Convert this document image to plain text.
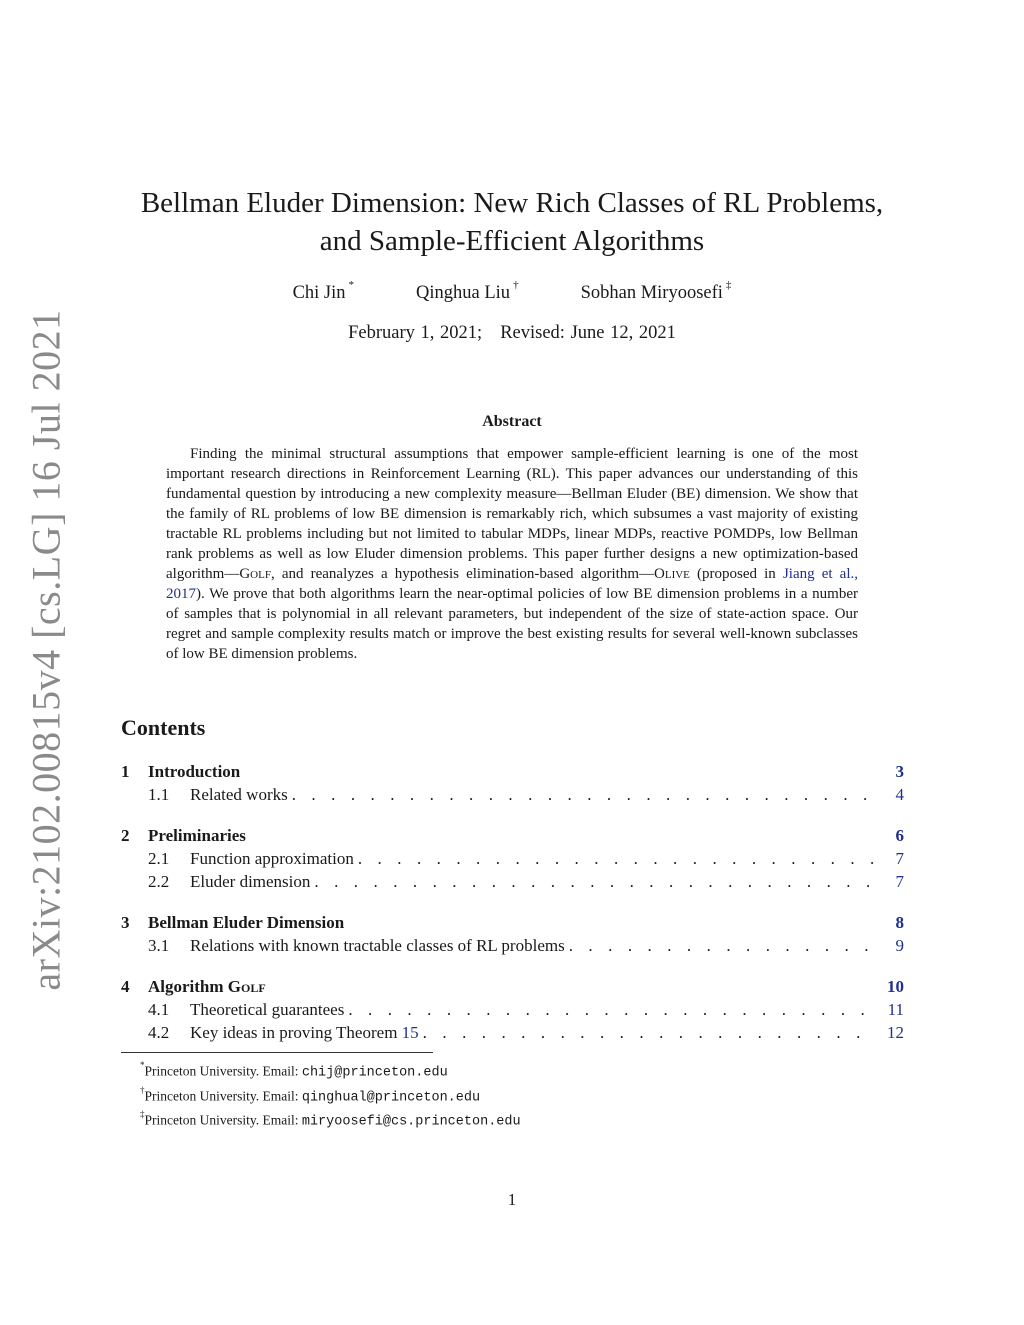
arXiv:2102.00815v4 [cs.LG] 16 Jul 2021
Bellman Eluder Dimension: New Rich Classes of RL Problems,
and Sample-Efficient Algorithms
Chi Jin *	Qinghua Liu †	Sobhan Miryoosefi ‡
February 1, 2021; Revised: June 12, 2021
Abstract
Finding the minimal structural assumptions that empower sample-efficient learning is one of the most important research directions in Reinforcement Learning (RL). This paper advances our understanding of this fundamental question by introducing a new complexity measure—Bellman Eluder (BE) dimension. We show that the family of RL problems of low BE dimension is remarkably rich, which subsumes a vast majority of existing tractable RL problems including but not limited to tabular MDPs, linear MDPs, reactive POMDPs, low Bellman rank problems as well as low Eluder dimension problems. This paper further designs a new optimization-based algorithm—Golf, and reanalyzes a hypothesis elimination-based algorithm—Olive (proposed in Jiang et al., 2017). We prove that both algorithms learn the near-optimal policies of low BE dimension problems in a number of samples that is polynomial in all relevant parameters, but independent of the size of state-action space. Our regret and sample complexity results match or improve the best existing results for several well-known subclasses of low BE dimension problems.
Contents
1	Introduction	3
1.1	Related works . . .	4
2	Preliminaries	6
2.1	Function approximation . . .	7
2.2	Eluder dimension . . .	7
3	Bellman Eluder Dimension	8
3.1	Relations with known tractable classes of RL problems . . .	9
4	Algorithm Golf	10
4.1	Theoretical guarantees . . .	11
4.2	Key ideas in proving Theorem 15 . . .	12
*Princeton University. Email: chij@princeton.edu
†Princeton University. Email: qinghual@princeton.edu
‡Princeton University. Email: miryoosefi@cs.princeton.edu
1
